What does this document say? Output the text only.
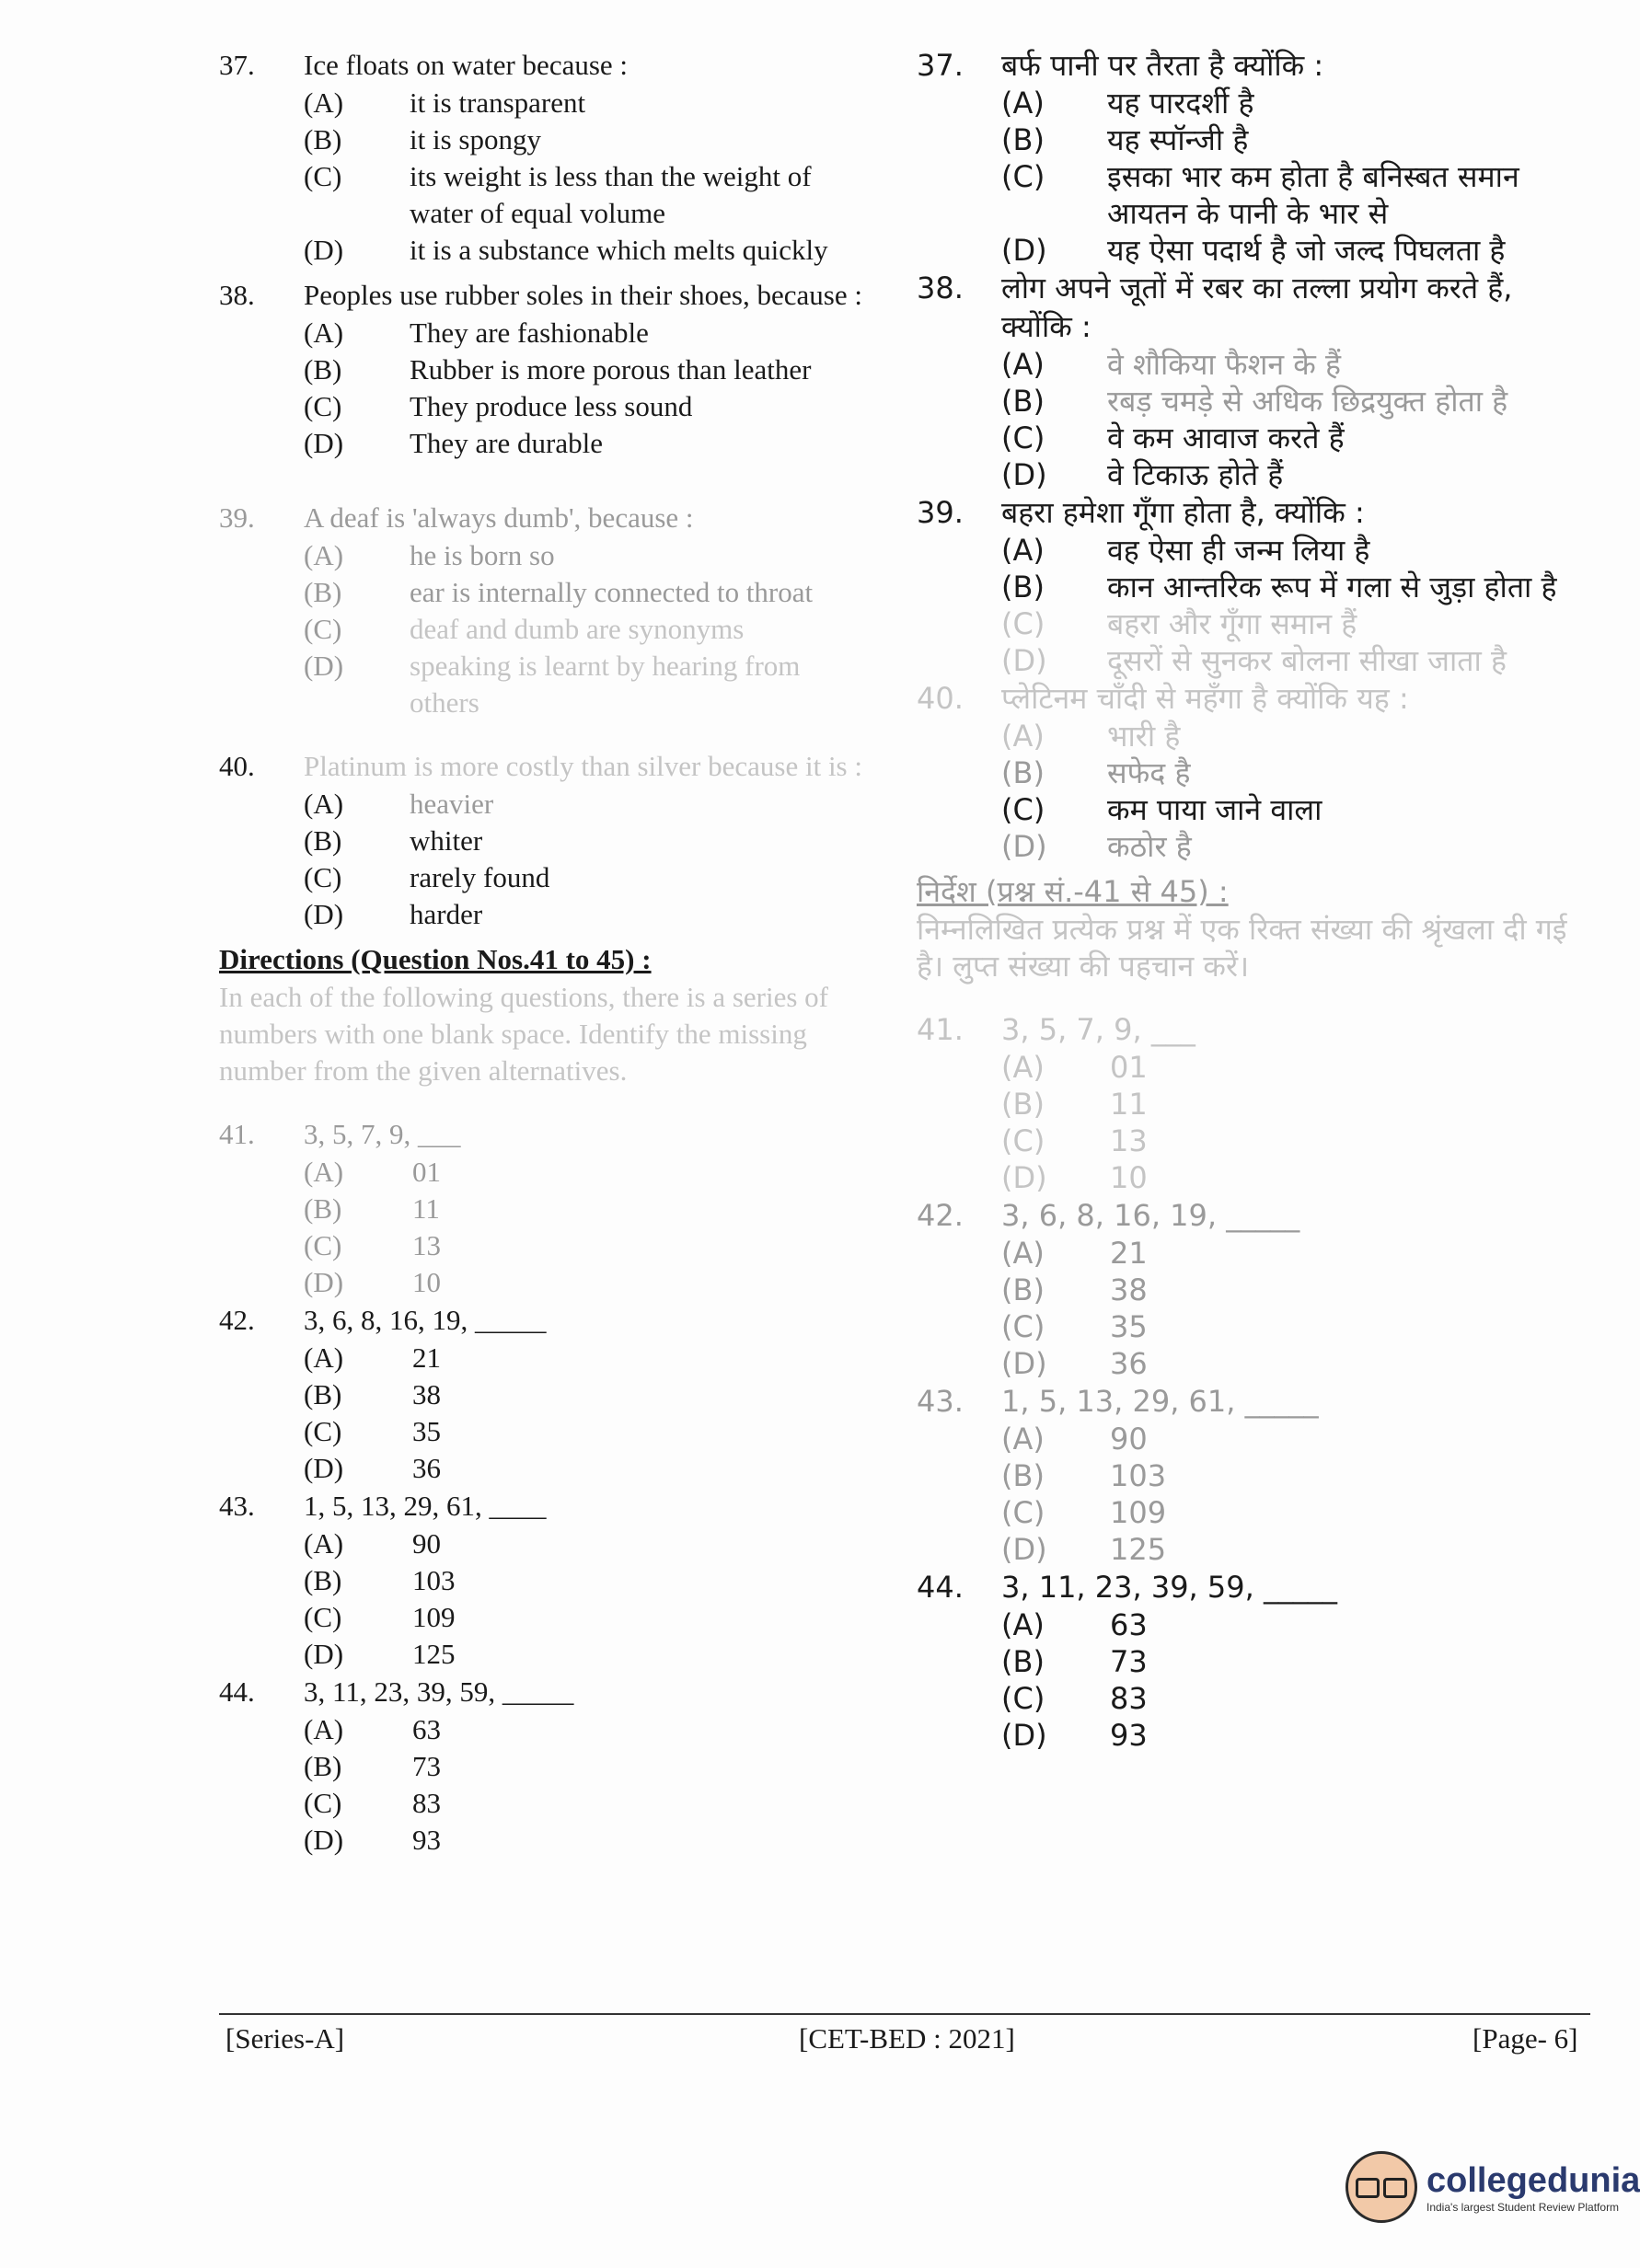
37.	Ice floats on water because :
(A)	it is transparent
(B)	it is spongy
(C)	its weight is less than the weight of water of equal volume
(D)	it is a substance which melts quickly
38.	Peoples use rubber soles in their shoes, because :
(A)	They are fashionable
(B)	Rubber is more porous than leather
(C)	They produce less sound
(D)	They are durable
39.	A deaf is 'always dumb', because :
(A)	he is born so
(B)	ear is internally connected to throat
(C)	deaf and dumb are synonyms
(D)	speaking is learnt by hearing from others
40.	Platinum is more costly than silver because it is :
(A)	heavier
(B)	whiter
(C)	rarely found
(D)	harder
Directions (Question Nos.41 to 45) :
In each of the following questions, there is a series of numbers with one blank space. Identify the missing number from the given alternatives.
41.	3, 5, 7, 9, ___
(A)	01
(B)	11
(C)	13
(D)	10
42.	3, 6, 8, 16, 19, _____
(A)	21
(B)	38
(C)	35
(D)	36
43.	1, 5, 13, 29, 61, ____
(A)	90
(B)	103
(C)	109
(D)	125
44.	3, 11, 23, 39, 59, _____
(A)	63
(B)	73
(C)	83
(D)	93
37.	बर्फ पानी पर तैरता है क्योंकि :
(A)	यह पारदर्शी है
(B)	यह स्पॉन्जी है
(C)	इसका भार कम होता है बनिस्बत समान आयतन के पानी के भार से
(D)	यह ऐसा पदार्थ है जो जल्द पिघलता है
38.	लोग अपने जूतों में रबर का तल्ला प्रयोग करते हैं, क्योंकि :
(A)	वे शौकिया फैशन के हैं
(B)	रबड़ चमड़े से अधिक छिद्रयुक्त होता है
(C)	वे कम आवाज करते हैं
(D)	वे टिकाऊ होते हैं
39.	बहरा हमेशा गूँगा होता है, क्योंकि :
(A)	वह ऐसा ही जन्म लिया है
(B)	कान आन्तरिक रूप में गला से जुड़ा होता है
(C)	बहरा और गूँगा समान हैं
(D)	दूसरों से सुनकर बोलना सीखा जाता है
40.	प्लेटिनम चाँदी से महँगा है क्योंकि यह :
(A)	भारी है
(B)	सफेद है
(C)	कम पाया जाने वाला
(D)	कठोर है
निर्देश (प्रश्न सं.-41 से 45) :
निम्नलिखित प्रत्येक प्रश्न में एक रिक्त संख्या की श्रृंखला दी गई है। लुप्त संख्या की पहचान करें।
41.	3, 5, 7, 9, ___
(A)	01
(B)	11
(C)	13
(D)	10
42.	3, 6, 8, 16, 19, _____
(A)	21
(B)	38
(C)	35
(D)	36
43.	1, 5, 13, 29, 61, _____
(A)	90
(B)	103
(C)	109
(D)	125
44.	3, 11, 23, 39, 59, _____
(A)	63
(B)	73
(C)	83
(D)	93
[Series-A]	[CET-BED : 2021]	[Page- 6]
collegedunia
India's largest Student Review Platform
